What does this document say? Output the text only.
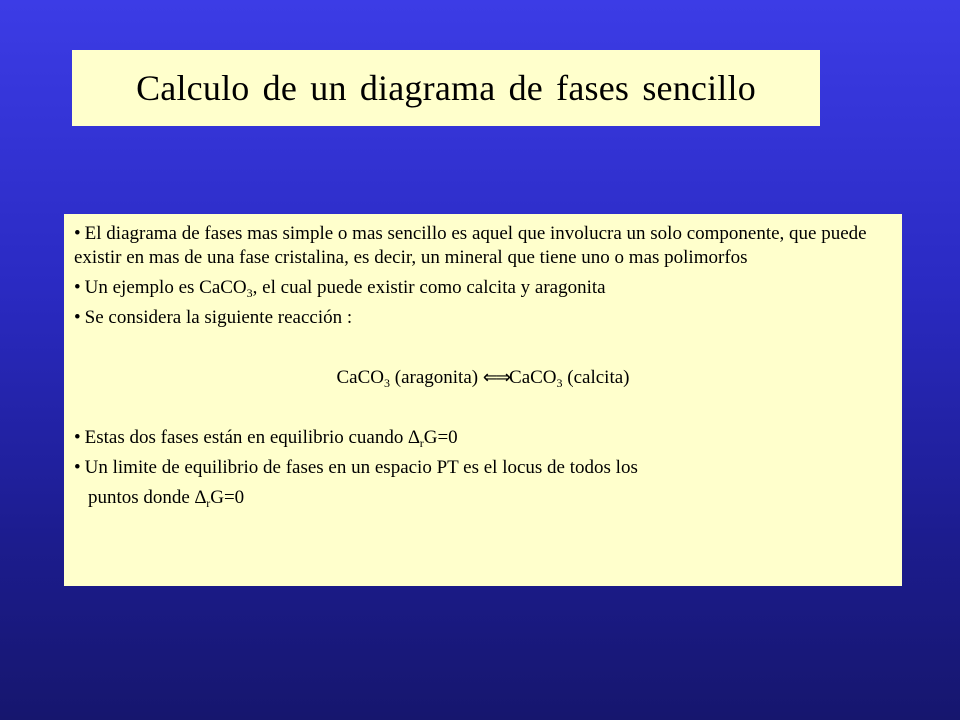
Calculo de un diagrama de fases sencillo

• El diagrama de fases mas simple o mas sencillo es aquel que involucra un solo componente, que puede existir en mas de una fase cristalina, es decir, un mineral que tiene uno o mas polimorfos

• Un ejemplo es CaCO$_3$, el cual puede existir como calcita y aragonita

• Se considera la siguiente reacción :

CaCO$_3$ (aragonita) ⇐⇒CaCO$_3$ (calcita)

• Estas dos fases están en equilibrio cuando $\Delta_rG=0$

• Un limite de equilibrio de fases en un espacio PT es el locus de todos los

puntos donde $\Delta_rG=0$
